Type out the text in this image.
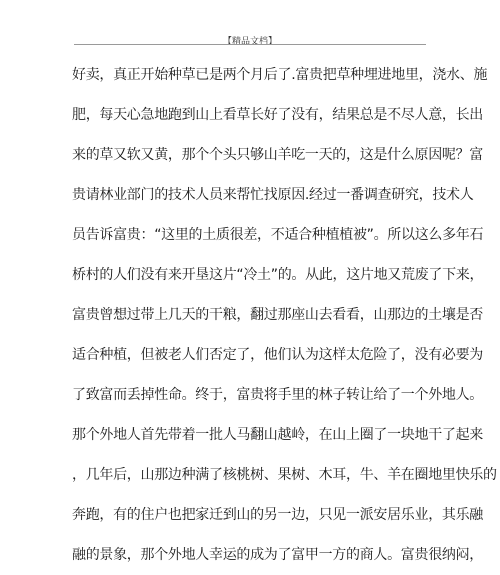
【精品文档】
好卖，真正开始种草已是两个月后了.富贵把草种埋进地里，浇水、施
肥，每天心急地跑到山上看草长好了没有，结果总是不尽人意，长出
来的草又软又黄，那个个头只够山羊吃一天的，这是什么原因呢？富
贵请林业部门的技术人员来帮忙找原因.经过一番调查研究，技术人
员告诉富贵：“这里的土质很差，不适合种植植被”。所以这么多年石
桥村的人们没有来开垦这片“冷土”的。从此，这片地又荒废了下来，
富贵曾想过带上几天的干粮，翻过那座山去看看，山那边的土壤是否
适合种植，但被老人们否定了，他们认为这样太危险了，没有必要为
了致富而丢掉性命。终于，富贵将手里的林子转让给了一个外地人。
那个外地人首先带着一批人马翻山越岭，在山上圈了一块地干了起来
，几年后，山那边种满了核桃树、果树、木耳，牛、羊在圈地里快乐的
奔跑，有的住户也把家迁到山的另一边，只见一派安居乐业，其乐融
融的景象，那个外地人幸运的成为了富甲一方的商人。富贵很纳闷，
